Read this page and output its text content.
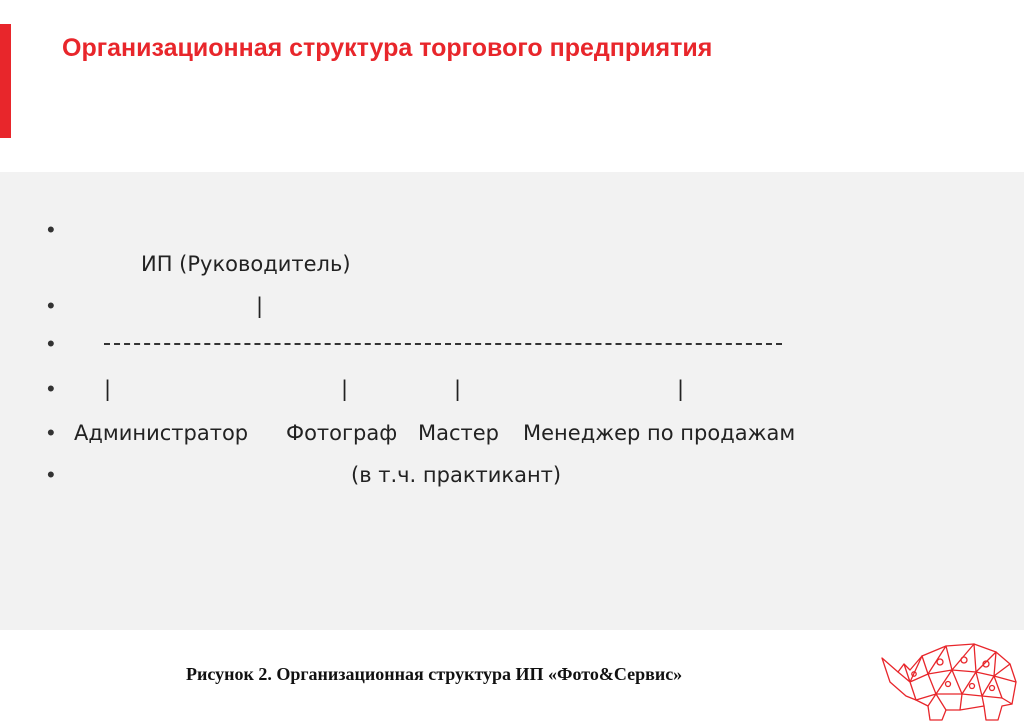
Организационная структура торгового предприятия
•
ИП (Руководитель)
•	|
•
• |	|	|	|
• Администратор Фотограф Мастер Менеджер по продажам
•	(в т.ч. практикант)

Рисунок 2. Организационная структура ИП «Фото&Сервис»
